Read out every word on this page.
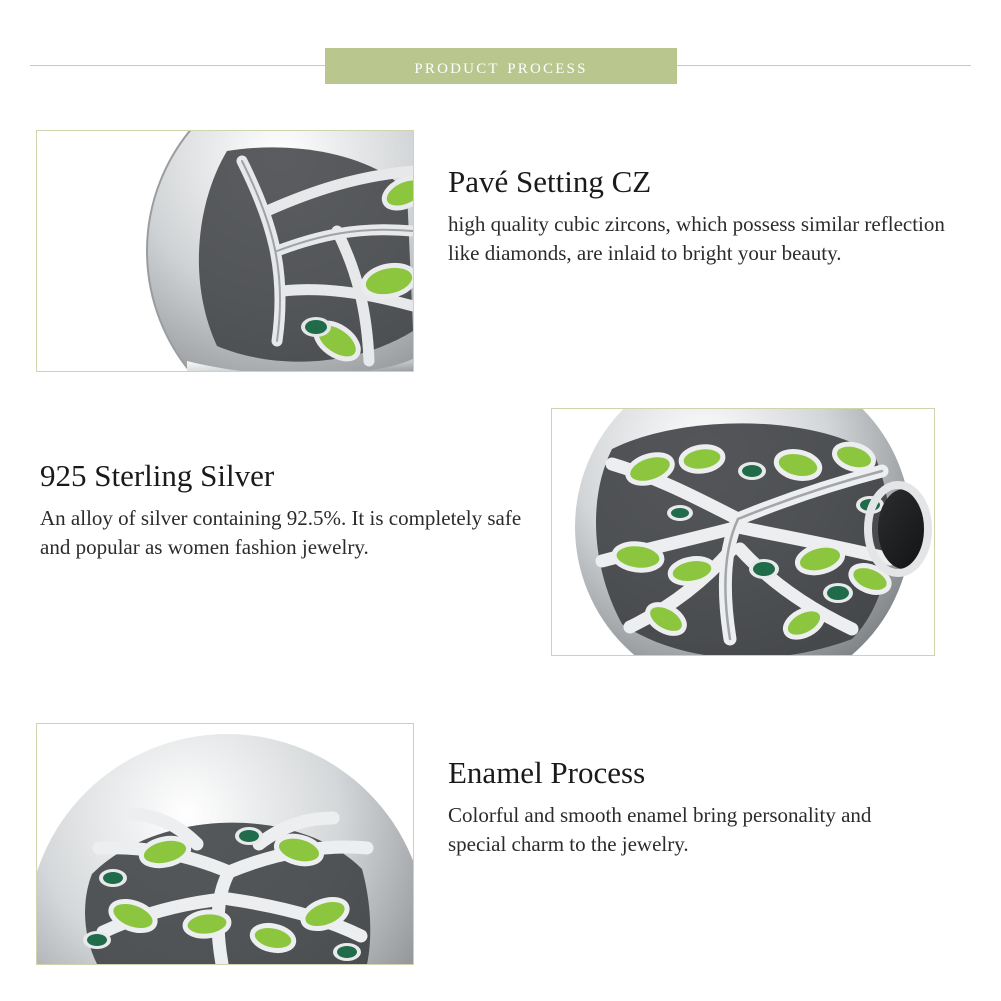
product process
Pavé Setting CZ

high quality cubic zircons, which possess similar reflection like diamonds, are inlaid to bright your beauty.

925 Sterling Silver

An alloy of silver containing 92.5%. It is completely safe and popular as women fashion jewelry.

Enamel Process

Colorful and smooth enamel bring personality and special charm to the jewelry.
